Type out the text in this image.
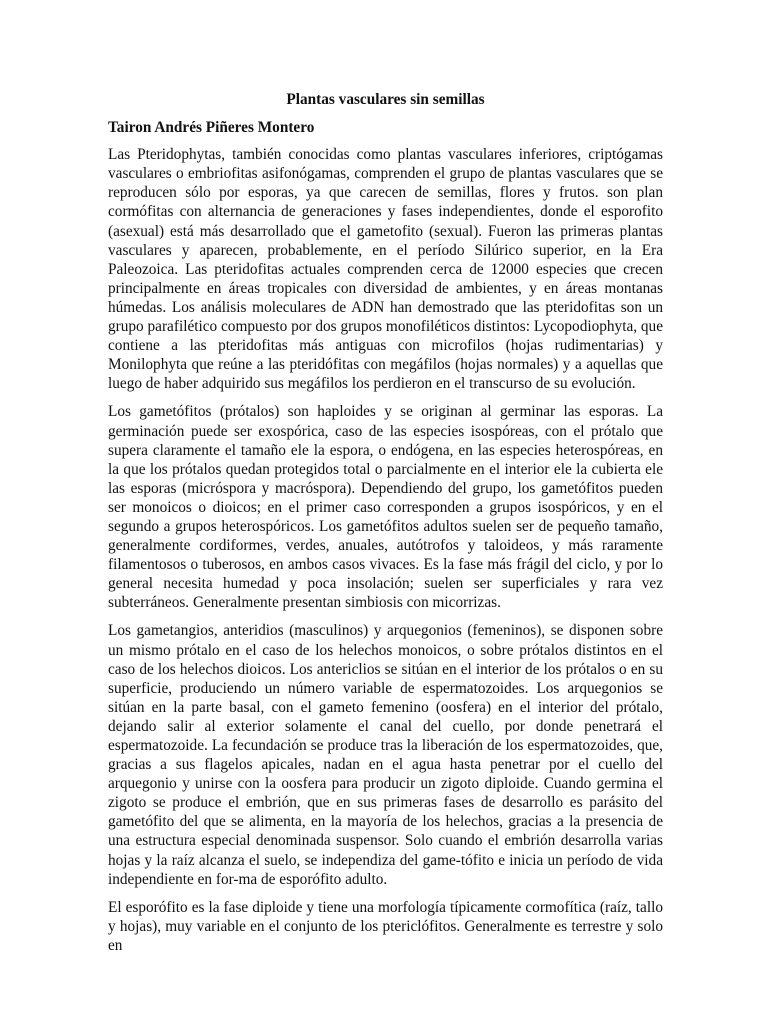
Plantas vasculares sin semillas
Tairon Andrés Piñeres Montero

Las Pteridophytas, también conocidas como plantas vasculares inferiores, criptógamas vasculares o embriofitas asifonógamas, comprenden el grupo de plantas vasculares que se reproducen sólo por esporas, ya que carecen de semillas, flores y frutos. son plan cormófitas con alternancia de generaciones y fases independientes, donde el esporofito (asexual) está más desarrollado que el gametofito (sexual). Fueron las primeras plantas vasculares y aparecen, probablemente, en el período Silúrico superior, en la Era Paleozoica. Las pteridofitas actuales comprenden cerca de 12000 especies que crecen principalmente en áreas tropicales con diversidad de ambientes, y en áreas montanas húmedas. Los análisis moleculares de ADN han demostrado que las pteridofitas son un grupo parafilético compuesto por dos grupos monofiléticos distintos: Lycopodiophyta, que contiene a las pteridofitas más antiguas con microfilos (hojas rudimentarias) y Monilophyta que reúne a las pteridófitas con megáfilos (hojas normales) y a aquellas que luego de haber adquirido sus megáfilos los perdieron en el transcurso de su evolución.

Los gametófitos (prótalos) son haploides y se originan al germinar las esporas. La germinación puede ser exospórica, caso de las especies isospóreas, con el prótalo que supera claramente el tamaño ele la espora, o endógena, en las especies heterospóreas, en la que los prótalos quedan protegidos total o parcialmente en el interior ele la cubierta ele las esporas (micróspora y macróspora). Dependiendo del grupo, los gametófitos pueden ser monoicos o dioicos; en el primer caso corresponden a grupos isospóricos, y en el segundo a grupos heterospóricos. Los gametófitos adultos suelen ser de pequeño tamaño, generalmente cordiformes, verdes, anuales, autótrofos y taloideos, y más raramente filamentosos o tuberosos, en ambos casos vivaces. Es la fase más frágil del ciclo, y por lo general necesita humedad y poca insolación; suelen ser superficiales y rara vez subterráneos. Generalmente presentan simbiosis con micorrizas.

Los gametangios, anteridios (masculinos) y arquegonios (femeninos), se disponen sobre un mismo prótalo en el caso de los helechos monoicos, o sobre prótalos distintos en el caso de los helechos dioicos. Los antericlios se sitúan en el interior de los prótalos o en su superficie, produciendo un número variable de espermatozoides. Los arquegonios se sitúan en la parte basal, con el gameto femenino (oosfera) en el interior del prótalo, dejando salir al exterior solamente el canal del cuello, por donde penetrará el espermatozoide. La fecundación se produce tras la liberación de los espermatozoides, que, gracias a sus flagelos apicales, nadan en el agua hasta penetrar por el cuello del arquegonio y unirse con la oosfera para producir un zigoto diploide. Cuando germina el zigoto se produce el embrión, que en sus primeras fases de desarrollo es parásito del gametófito del que se alimenta, en la mayoría de los helechos, gracias a la presencia de una estructura especial denominada suspensor. Solo cuando el embrión desarrolla varias hojas y la raíz alcanza el suelo, se independiza del game-tófito e inicia un período de vida independiente en for-ma de esporófito adulto.

El esporófito es la fase diploide y tiene una morfología típicamente cormofítica (raíz, tallo y hojas), muy variable en el conjunto de los ptericlófitos. Generalmente es terrestre y solo en
